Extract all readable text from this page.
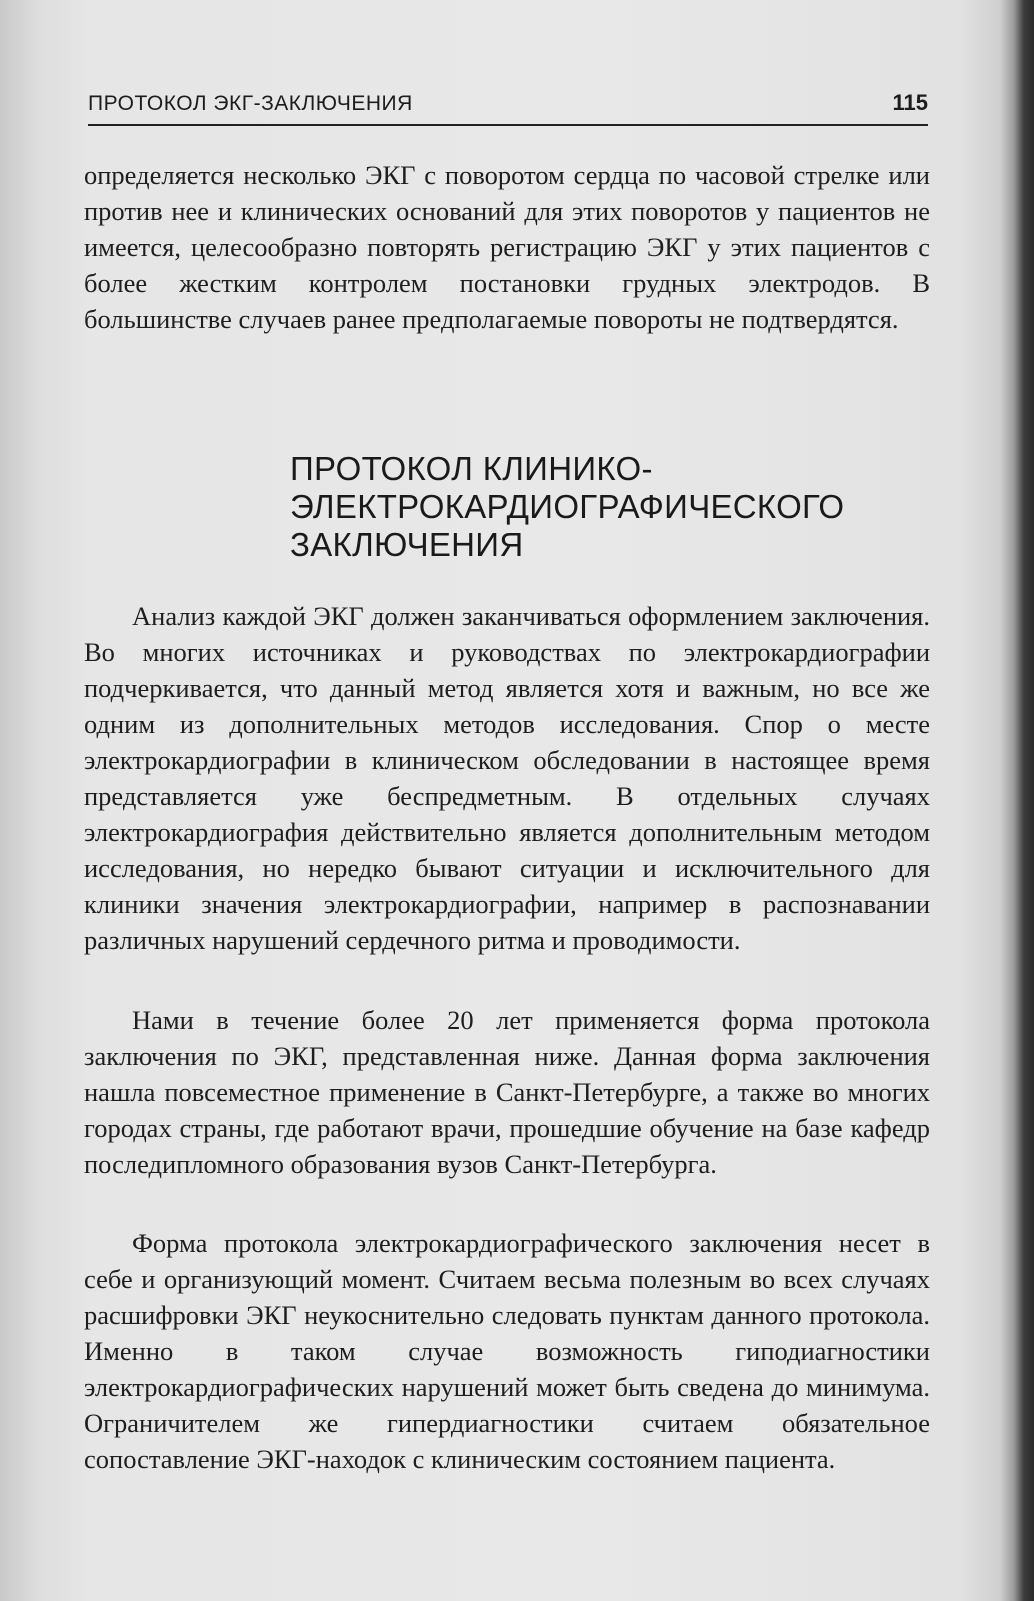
ПРОТОКОЛ ЭКГ-ЗАКЛЮЧЕНИЯ	115

определяется несколько ЭКГ с поворотом сердца по часовой стрелке или против нее и клинических оснований для этих поворотов у пациентов не имеется, целесообразно повторять регистрацию ЭКГ у этих пациентов с более жестким контролем постановки грудных электродов. В большинстве случаев ранее предполагаемые повороты не подтвердятся.

ПРОТОКОЛ КЛИНИКО-
ЭЛЕКТРОКАРДИОГРАФИЧЕСКОГО
ЗАКЛЮЧЕНИЯ

Анализ каждой ЭКГ должен заканчиваться оформлением заключения. Во многих источниках и руководствах по электрокардиографии подчеркивается, что данный метод является хотя и важным, но все же одним из дополнительных методов исследования. Спор о месте электрокардиографии в клиническом обследовании в настоящее время представляется уже беспредметным. В отдельных случаях электрокардиография действительно является дополнительным методом исследования, но нередко бывают ситуации и исключительного для клиники значения электрокардиографии, например в распознавании различных нарушений сердечного ритма и проводимости.

Нами в течение более 20 лет применяется форма протокола заключения по ЭКГ, представленная ниже. Данная форма заключения нашла повсеместное применение в Санкт-Петербурге, а также во многих городах страны, где работают врачи, прошедшие обучение на базе кафедр последипломного образования вузов Санкт-Петербурга.

Форма протокола электрокардиографического заключения несет в себе и организующий момент. Считаем весьма полезным во всех случаях расшифровки ЭКГ неукоснительно следовать пунктам данного протокола. Именно в таком случае возможность гиподиагностики электрокардиографических нарушений может быть сведена до минимума. Ограничителем же гипердиагностики считаем обязательное сопоставление ЭКГ-находок с клиническим состоянием пациента.
